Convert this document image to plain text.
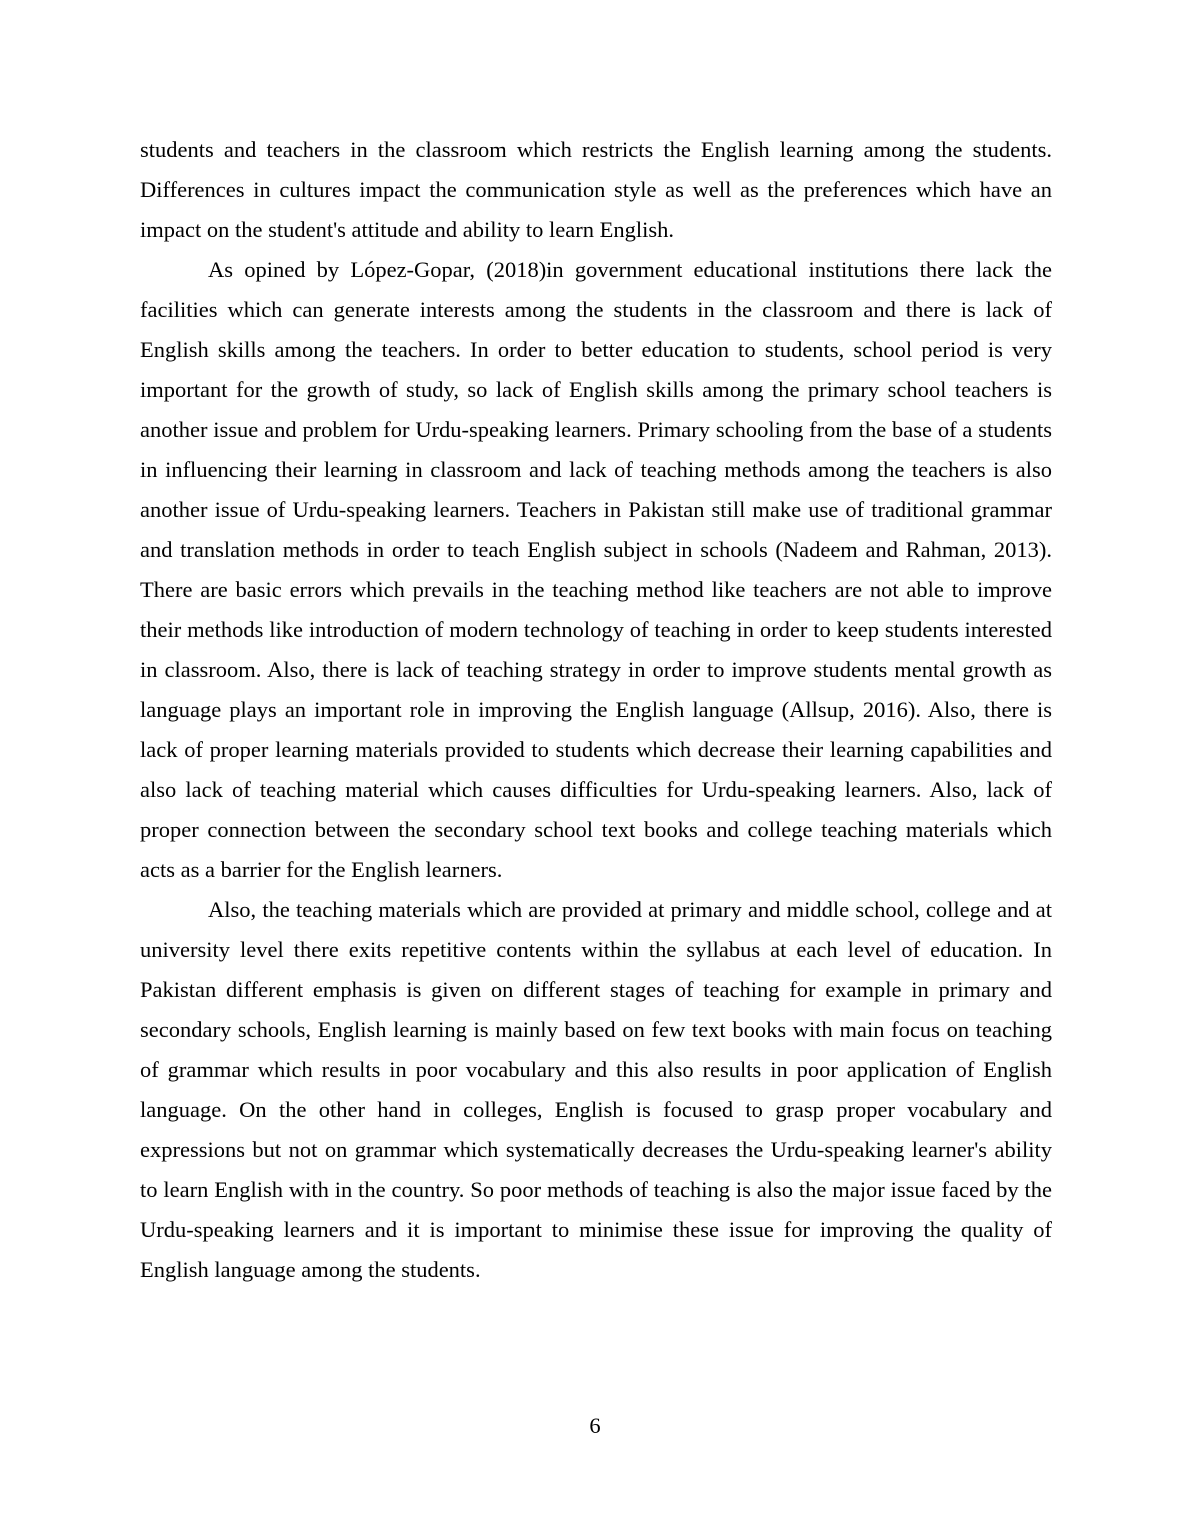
students and teachers in the classroom which restricts the English learning among the students. Differences in cultures impact the communication style as well as the preferences which have an impact on the student's attitude and ability to learn English.

As opined by López-Gopar, (2018)in government educational institutions there lack the facilities which can generate interests among the students in the classroom and there is lack of English skills among the teachers. In order to better education to students, school period is very important for the growth of study, so lack of English skills among the primary school teachers is another issue and problem for Urdu-speaking learners. Primary schooling from the base of a students in influencing their learning in classroom and lack of teaching methods among the teachers is also another issue of Urdu-speaking learners. Teachers in Pakistan still make use of traditional grammar and translation methods in order to teach English subject in schools (Nadeem and Rahman, 2013). There are basic errors which prevails in the teaching method like teachers are not able to improve their methods like introduction of modern technology of teaching in order to keep students interested in classroom. Also, there is lack of teaching strategy in order to improve students mental growth as language plays an important role in improving the English language (Allsup, 2016). Also, there is lack of proper learning materials provided to students which decrease their learning capabilities and also lack of teaching material which causes difficulties for Urdu-speaking learners. Also, lack of proper connection between the secondary school text books and college teaching materials which acts as a barrier for the English learners.

Also, the teaching materials which are provided at primary and middle school, college and at university level there exits repetitive contents within the syllabus at each level of education. In Pakistan different emphasis is given on different stages of teaching for example in primary and secondary schools, English learning is mainly based on few text books with main focus on teaching of grammar which results in poor vocabulary and this also results in poor application of English language. On the other hand in colleges, English is focused to grasp proper vocabulary and expressions but not on grammar which systematically decreases the Urdu-speaking learner's ability to learn English with in the country. So poor methods of teaching is also the major issue faced by the Urdu-speaking learners and it is important to minimise these issue for improving the quality of English language among the students.

6
